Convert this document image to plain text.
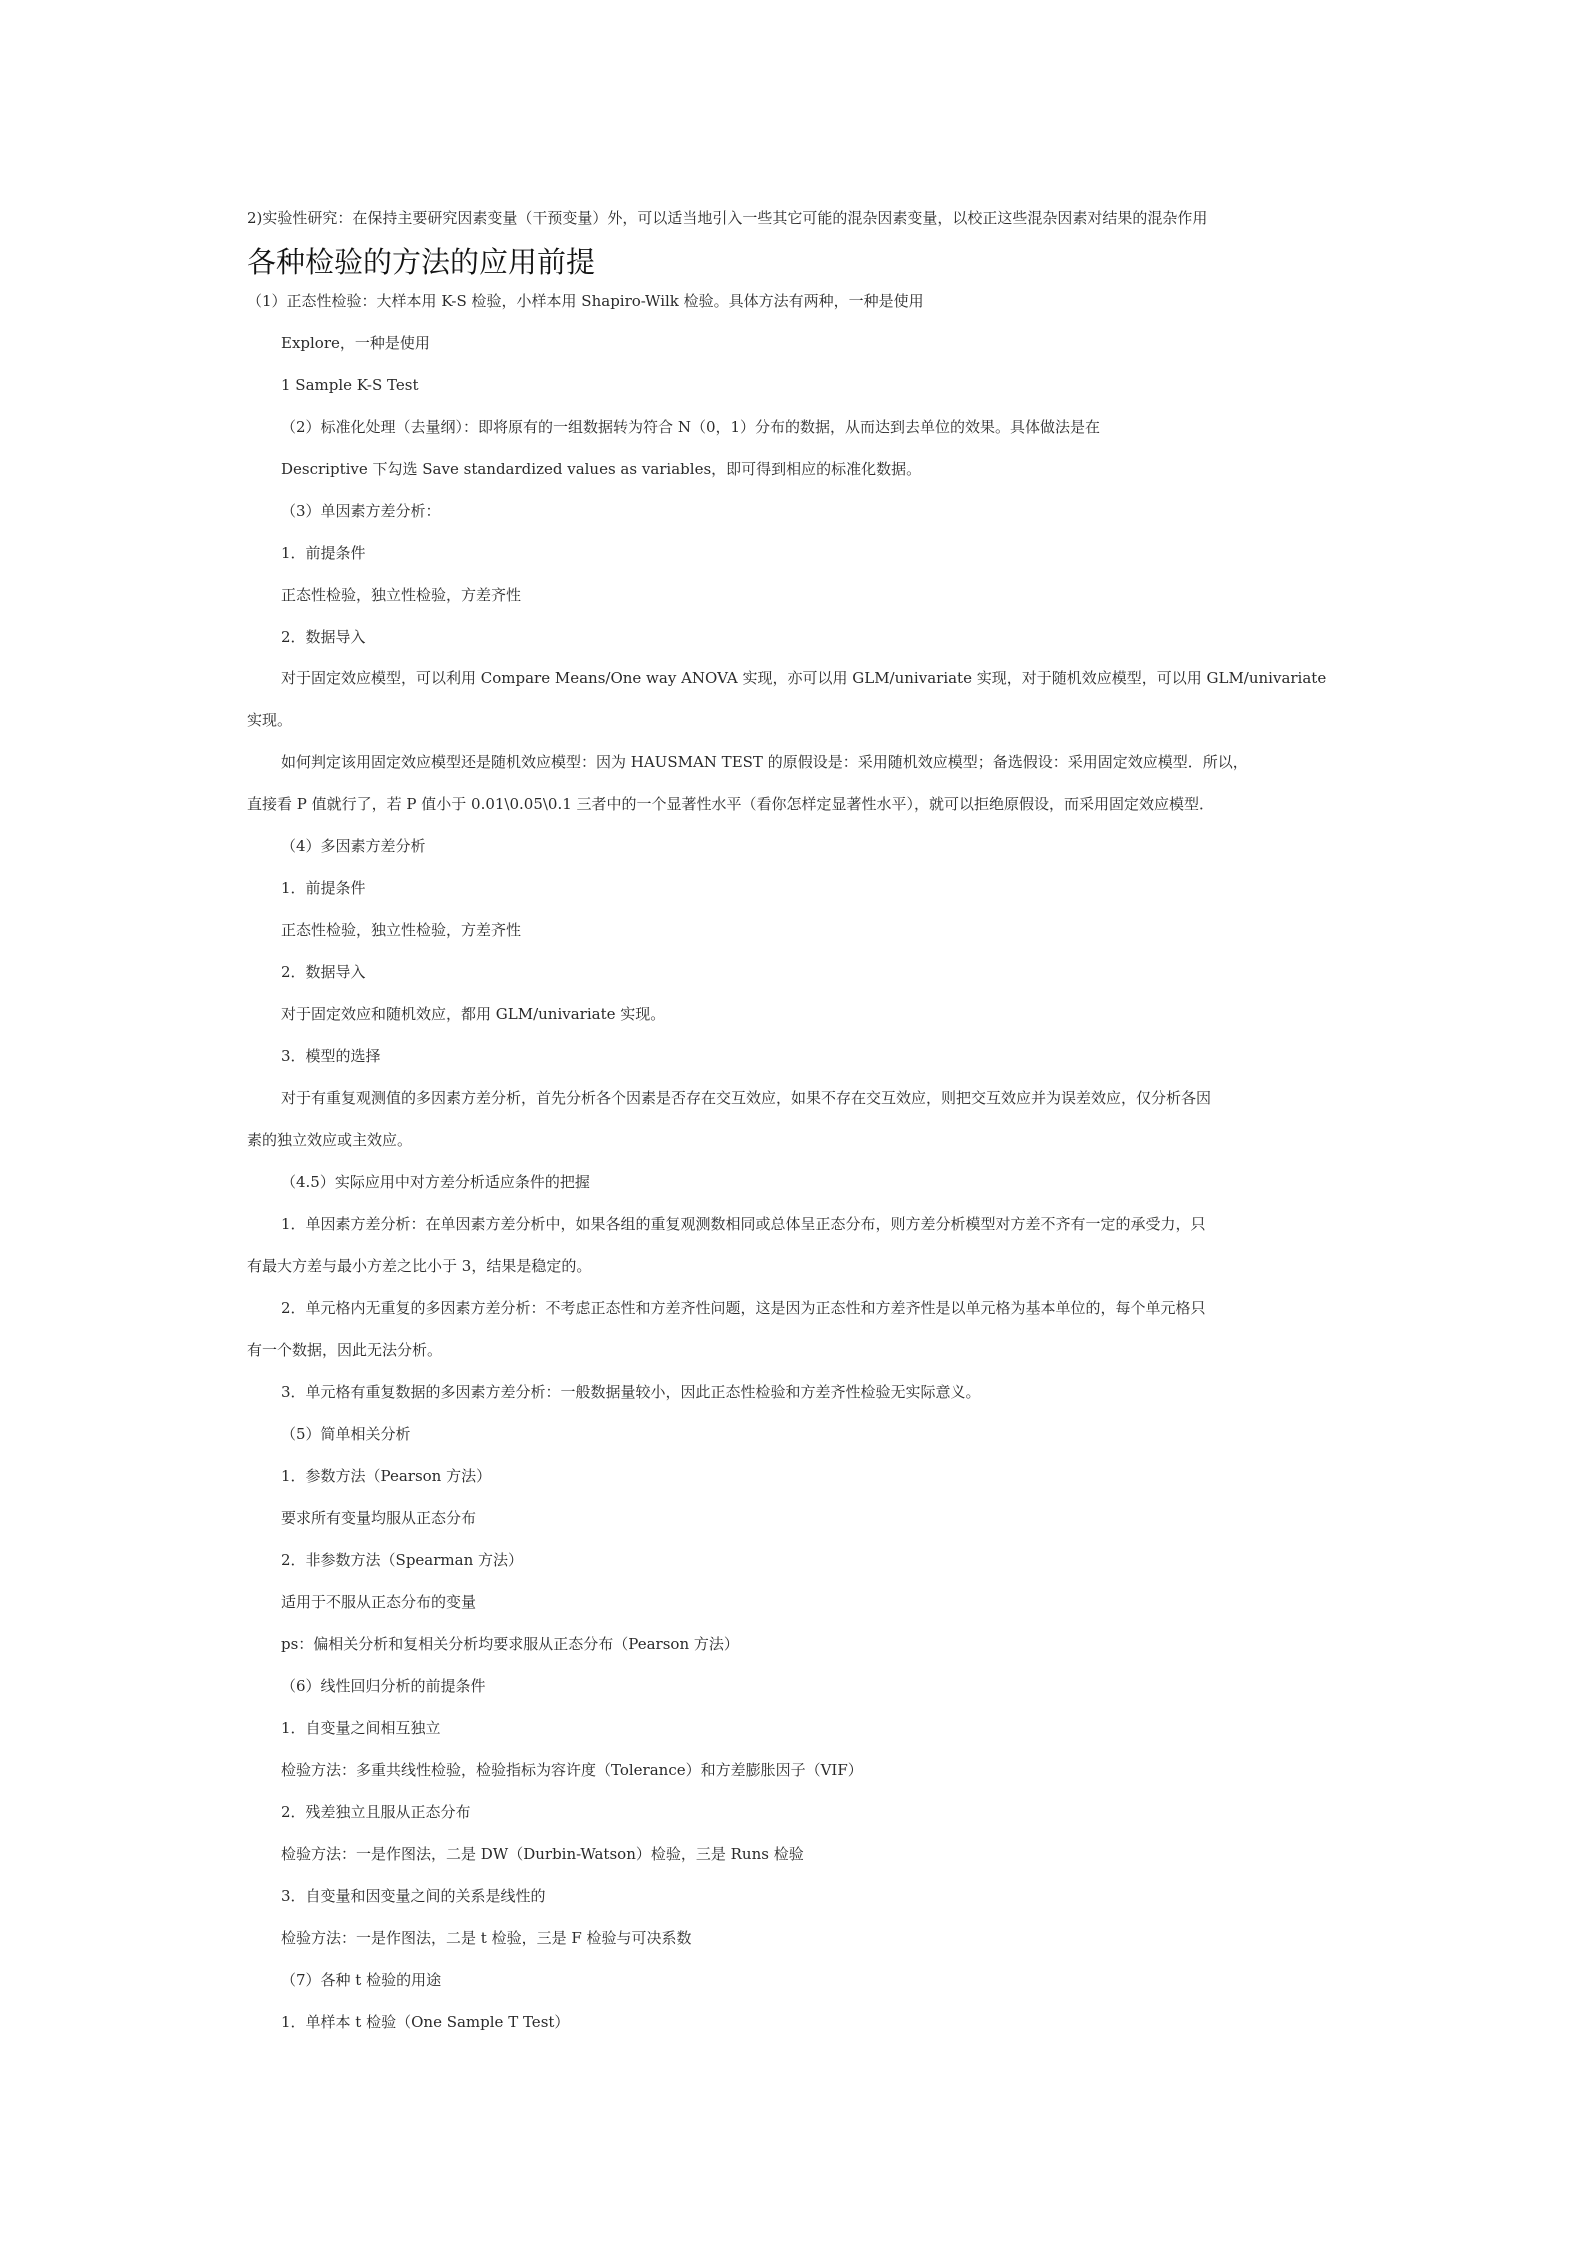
2)实验性研究：在保持主要研究因素变量（干预变量）外，可以适当地引入一些其它可能的混杂因素变量，以校正这些混杂因素对结果的混杂作用
各种检验的方法的应用前提
（1）正态性检验：大样本用 K-S 检验，小样本用 Shapiro-Wilk 检验。具体方法有两种，一种是使用
Explore，一种是使用
1 Sample K-S Test
（2）标准化处理（去量纲）：即将原有的一组数据转为符合 N（0，1）分布的数据，从而达到去单位的效果。具体做法是在
Descriptive 下勾选 Save standardized values as variables，即可得到相应的标准化数据。
（3）单因素方差分析：
1．前提条件
正态性检验，独立性检验，方差齐性
2．数据导入
对于固定效应模型，可以利用 Compare Means/One way ANOVA 实现，亦可以用 GLM/univariate 实现，对于随机效应模型，可以用 GLM/univariate
实现。
如何判定该用固定效应模型还是随机效应模型：因为 HAUSMAN TEST 的原假设是：采用随机效应模型；备选假设：采用固定效应模型．所以，
直接看 P 值就行了，若 P 值小于 0.01\0.05\0.1 三者中的一个显著性水平（看你怎样定显著性水平），就可以拒绝原假设，而采用固定效应模型．
（4）多因素方差分析
1．前提条件
正态性检验，独立性检验，方差齐性
2．数据导入
对于固定效应和随机效应，都用 GLM/univariate 实现。
3．模型的选择
对于有重复观测值的多因素方差分析，首先分析各个因素是否存在交互效应，如果不存在交互效应，则把交互效应并为误差效应，仅分析各因
素的独立效应或主效应。
（4.5）实际应用中对方差分析适应条件的把握
1．单因素方差分析：在单因素方差分析中，如果各组的重复观测数相同或总体呈正态分布，则方差分析模型对方差不齐有一定的承受力，只
有最大方差与最小方差之比小于 3，结果是稳定的。
2．单元格内无重复的多因素方差分析：不考虑正态性和方差齐性问题，这是因为正态性和方差齐性是以单元格为基本单位的，每个单元格只
有一个数据，因此无法分析。
3．单元格有重复数据的多因素方差分析：一般数据量较小，因此正态性检验和方差齐性检验无实际意义。
（5）简单相关分析
1．参数方法（Pearson 方法）
要求所有变量均服从正态分布
2．非参数方法（Spearman 方法）
适用于不服从正态分布的变量
ps：偏相关分析和复相关分析均要求服从正态分布（Pearson 方法）
（6）线性回归分析的前提条件
1．自变量之间相互独立
检验方法：多重共线性检验，检验指标为容许度（Tolerance）和方差膨胀因子（VIF）
2．残差独立且服从正态分布
检验方法：一是作图法，二是 DW（Durbin-Watson）检验，三是 Runs 检验
3．自变量和因变量之间的关系是线性的
检验方法：一是作图法，二是 t 检验，三是 F 检验与可决系数
（7）各种 t 检验的用途
1．单样本 t 检验（One Sample T Test）
